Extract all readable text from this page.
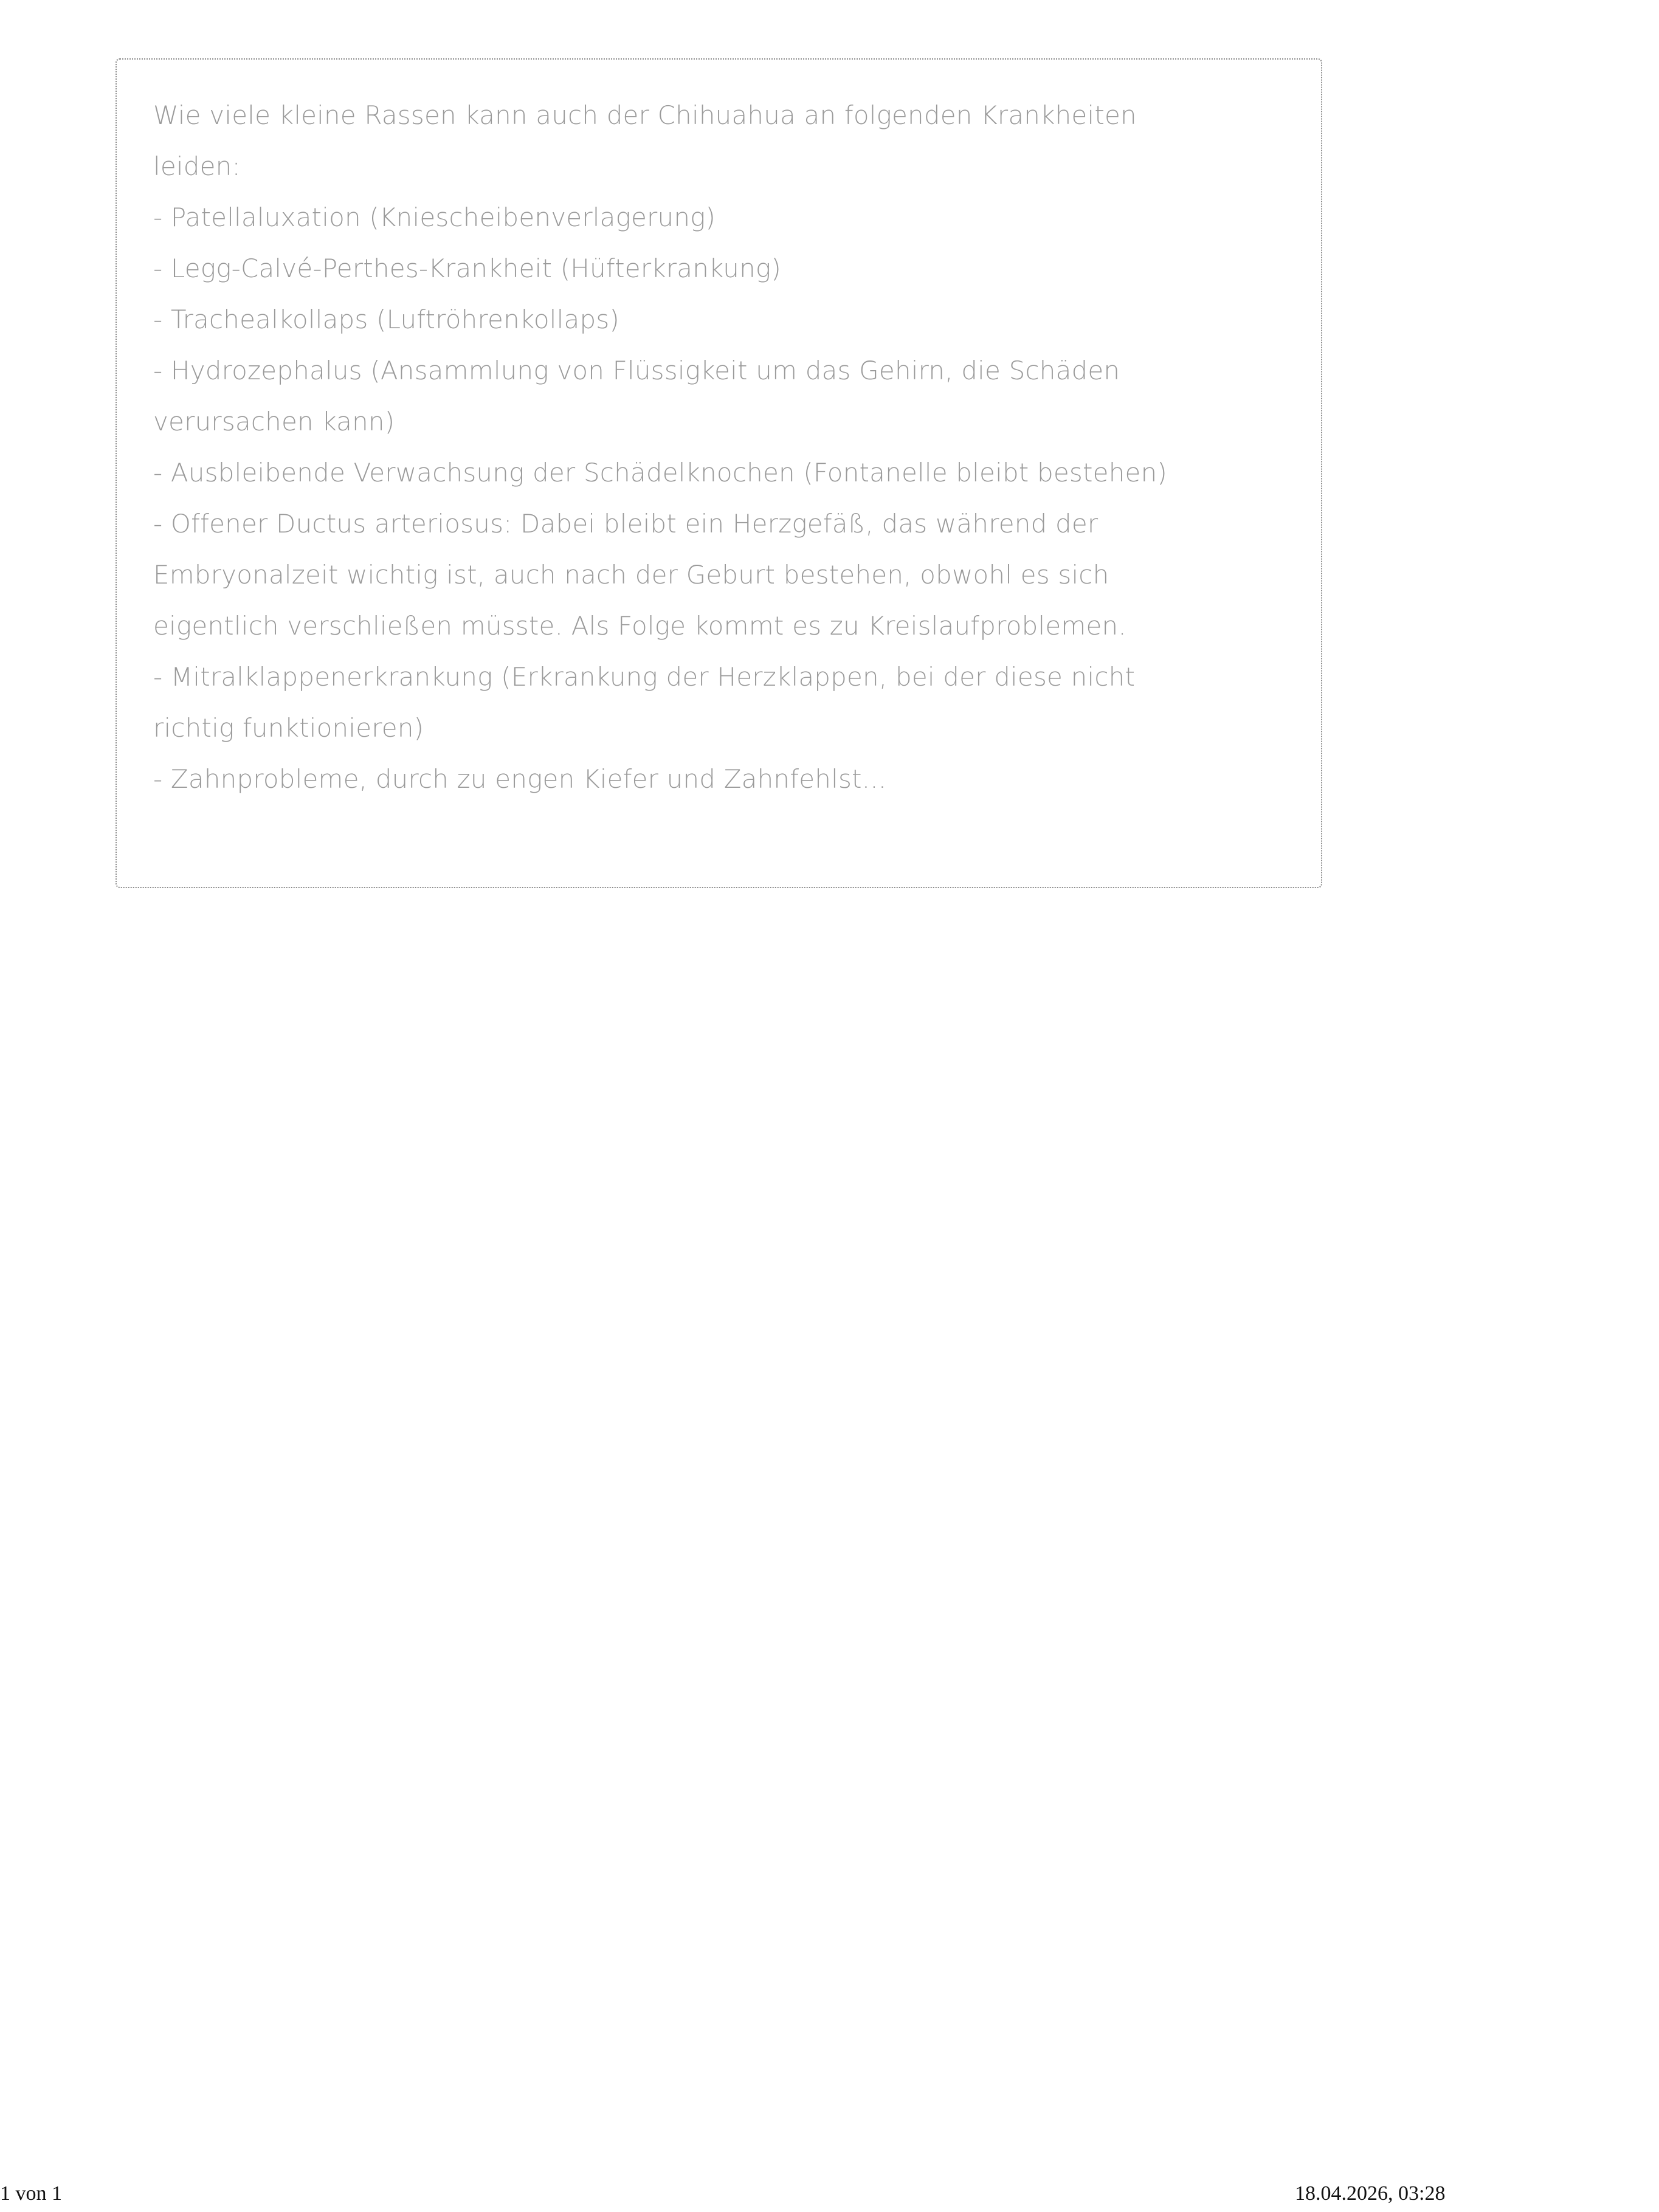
Wie viele kleine Rassen kann auch der Chihuahua an folgenden Krankheiten

leiden:

- Patellaluxation (Kniescheibenverlagerung)

- Legg-Calvé-Perthes-Krankheit (Hüfterkrankung)

- Trachealkollaps (Luftröhrenkollaps)

- Hydrozephalus (Ansammlung von Flüssigkeit um das Gehirn, die Schäden

verursachen kann)

- Ausbleibende Verwachsung der Schädelknochen (Fontanelle bleibt bestehen)

- Offener Ductus arteriosus: Dabei bleibt ein Herzgefäß, das während der

Embryonalzeit wichtig ist, auch nach der Geburt bestehen, obwohl es sich

eigentlich verschließen müsste. Als Folge kommt es zu Kreislaufproblemen.

- Mitralklappenerkrankung (Erkrankung der Herzklappen, bei der diese nicht

richtig funktionieren)

- Zahnprobleme, durch zu engen Kiefer und Zahnfehlst...

1 von 1	18.04.2026, 03:28
